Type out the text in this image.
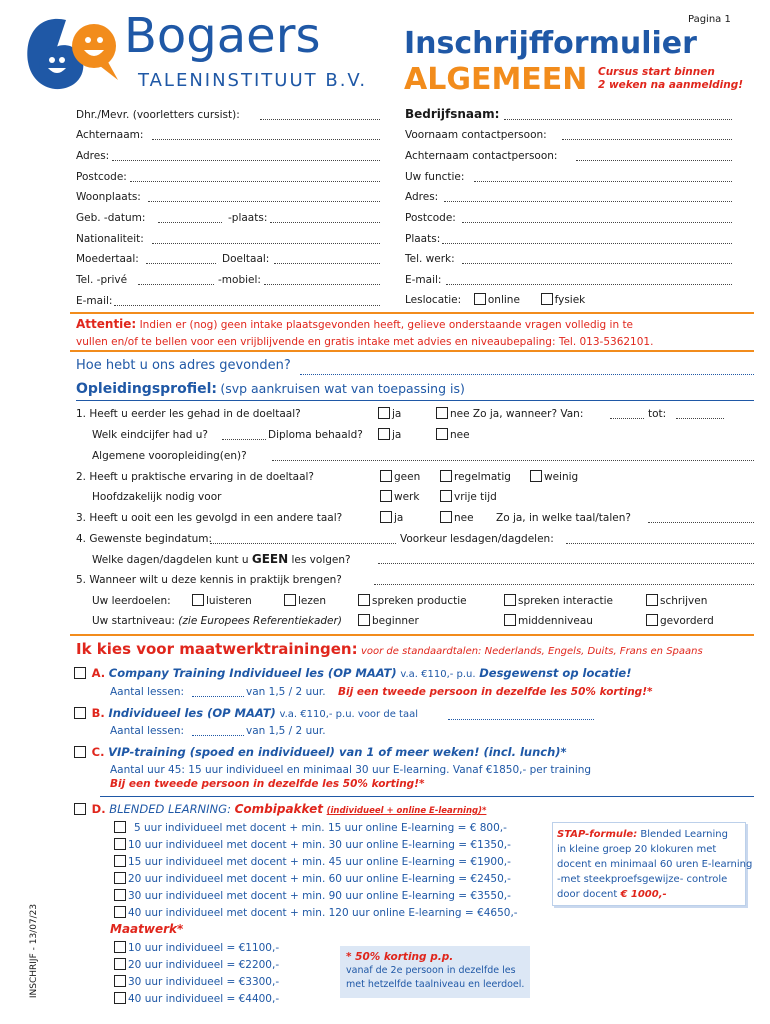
Bogaers
TALENINSTITUUT B.V.
Pagina 1
Inschrijfformulier
ALGEMEEN Cursus start binnen
2 weken na aanmelding!
Dhr./Mevr. (voorletters cursist):
Achternaam:
Adres:
Postcode:
Woonplaats:
Geb. -datum:	-plaats:
Nationaliteit:
Moedertaal:	Doeltaal:
Tel. -privé	-mobiel:
E-mail:
Bedrijfsnaam:
Voornaam contactpersoon:
Achternaam contactpersoon:
Uw functie:
Adres:
Postcode:
Plaats:
Tel. werk:
E-mail:
Leslocatie:	online	fysiek
Attentie: Indien er (nog) geen intake plaatsgevonden heeft, gelieve onderstaande vragen volledig in te
vullen en/of te bellen voor een vrijblijvende en gratis intake met advies en niveaubepaling: Tel. 013-5362101.
Hoe hebt u ons adres gevonden?
Opleidingsprofiel: (svp aankruisen wat van toepassing is)
1. Heeft u eerder les gehad in de doeltaal?	ja	nee Zo ja, wanneer? Van:	tot:
Welk eindcijfer had u?	Diploma behaald?	ja	nee
Algemene vooropleiding(en)?
2. Heeft u praktische ervaring in de doeltaal?	geen	regelmatig	weinig
Hoofdzakelijk nodig voor	werk	vrije tijd
3. Heeft u ooit een les gevolgd in een andere taal?	ja	nee Zo ja, in welke taal/talen?
4. Gewenste begindatum:	Voorkeur lesdagen/dagdelen:
Welke dagen/dagdelen kunt u GEEN les volgen?
5. Wanneer wilt u deze kennis in praktijk brengen?
Uw leerdoelen:	luisteren	lezen	spreken productie	spreken interactie	schrijven
Uw startniveau: (zie Europees Referentiekader)	beginner	middenniveau	gevorderd
Ik kies voor maatwerktrainingen: voor de standaardtalen: Nederlands, Engels, Duits, Frans en Spaans
A. Company Training Individueel les (OP MAAT) v.a. €110,- p.u. Desgewenst op locatie!
Aantal lessen:	van 1,5 / 2 uur. Bij een tweede persoon in dezelfde les 50% korting!*
B. Individueel les (OP MAAT) v.a. €110,- p.u. voor de taal
Aantal lessen:	van 1,5 / 2 uur.
C. VIP-training (spoed en individueel) van 1 of meer weken! (incl. lunch)*
Aantal uur 45: 15 uur individueel en minimaal 30 uur E-learning. Vanaf €1850,- per training
Bij een tweede persoon in dezelfde les 50% korting!*
D. BLENDED LEARNING: Combipakket (individueel + online E-learning)*
5 uur individueel met docent + min. 15 uur online E-learning = € 800,-
10 uur individueel met docent + min. 30 uur online E-learning = €1350,-
15 uur individueel met docent + min. 45 uur online E-learning = €1900,-
20 uur individueel met docent + min. 60 uur online E-learning = €2450,-
30 uur individueel met docent + min. 90 uur online E-learning = €3550,-
40 uur individueel met docent + min. 120 uur online E-learning = €4650,-
Maatwerk*
10 uur individueel = €1100,-
20 uur individueel = €2200,-
30 uur individueel = €3300,-
40 uur individueel = €4400,-
STAP-formule: Blended Learning
in kleine groep 20 klokuren met
docent en minimaal 60 uren E-learning
-met steekproefsgewijze- controle
door docent € 1000,-
* 50% korting p.p.
vanaf de 2e persoon in dezelfde les
met hetzelfde taalniveau en leerdoel.
INSCHRIJF - 13/07/23
